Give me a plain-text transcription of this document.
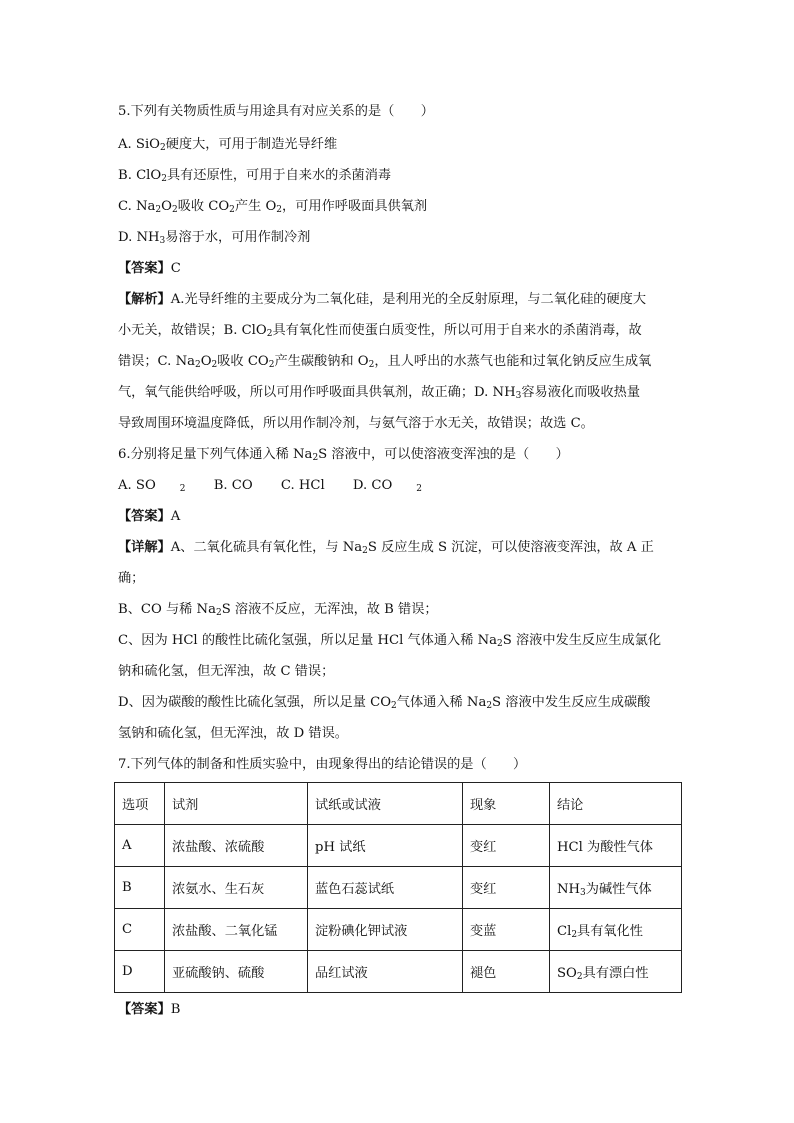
5.下列有关物质性质与用途具有对应关系的是（　　）
A. SiO$_2$硬度大，可用于制造光导纤维
B. ClO$_2$具有还原性，可用于自来水的杀菌消毒
C. $Na_2O_2$吸收 $CO_2$产生 $O_2$，可用作呼吸面具供氧剂
D. $NH_3$易溶于水，可用作制冷剂
【答案】C
【解析】A.光导纤维的主要成分为二氧化硅，是利用光的全反射原理，与二氧化硅的硬度大
小无关，故错误；B. ClO$_2$具有氧化性而使蛋白质变性，所以可用于自来水的杀菌消毒，故
错误；C. $Na_2O_2$吸收 $CO_2$产生碳酸钠和 $O_2$，且人呼出的水蒸气也能和过氧化钠反应生成氧
气，氧气能供给呼吸，所以可用作呼吸面具供氧剂，故正确；D. $NH_3$容易液化而吸收热量
导致周围环境温度降低，所以用作制冷剂，与氨气溶于水无关，故错误；故选 C。
6.分别将足量下列气体通入稀 $Na_2S$ 溶液中，可以使溶液变浑浊的是（　　）
A. SO	$_2$ B. CO C. HCl D. CO	$_2$
【答案】A
【详解】A、二氧化硫具有氧化性，与 $Na_2S$ 反应生成 S 沉淀，可以使溶液变浑浊，故 A 正
确；
B、CO 与稀 $Na_2S$ 溶液不反应，无浑浊，故 B 错误；
C、因为 HCl 的酸性比硫化氢强，所以足量 HCl 气体通入稀 $Na_2S$ 溶液中发生反应生成氯化
钠和硫化氢，但无浑浊，故 C 错误；
D、因为碳酸的酸性比硫化氢强，所以足量 $CO_2$气体通入稀 $Na_2S$ 溶液中发生反应生成碳酸
氢钠和硫化氢，但无浑浊，故 D 错误。
7.下列气体的制备和性质实验中，由现象得出的结论错误的是（　　）
选项	试剂	试纸或试液	现象	结论
A	浓盐酸、浓硫酸	pH 试纸	变红	HCl 为酸性气体
B	浓氨水、生石灰	蓝色石蕊试纸	变红	$NH_3$为碱性气体
C	浓盐酸、二氧化锰	淀粉碘化钾试液	变蓝	$Cl_2$具有氧化性
D	亚硫酸钠、硫酸	品红试液	褪色	$SO_2$具有漂白性
【答案】B
